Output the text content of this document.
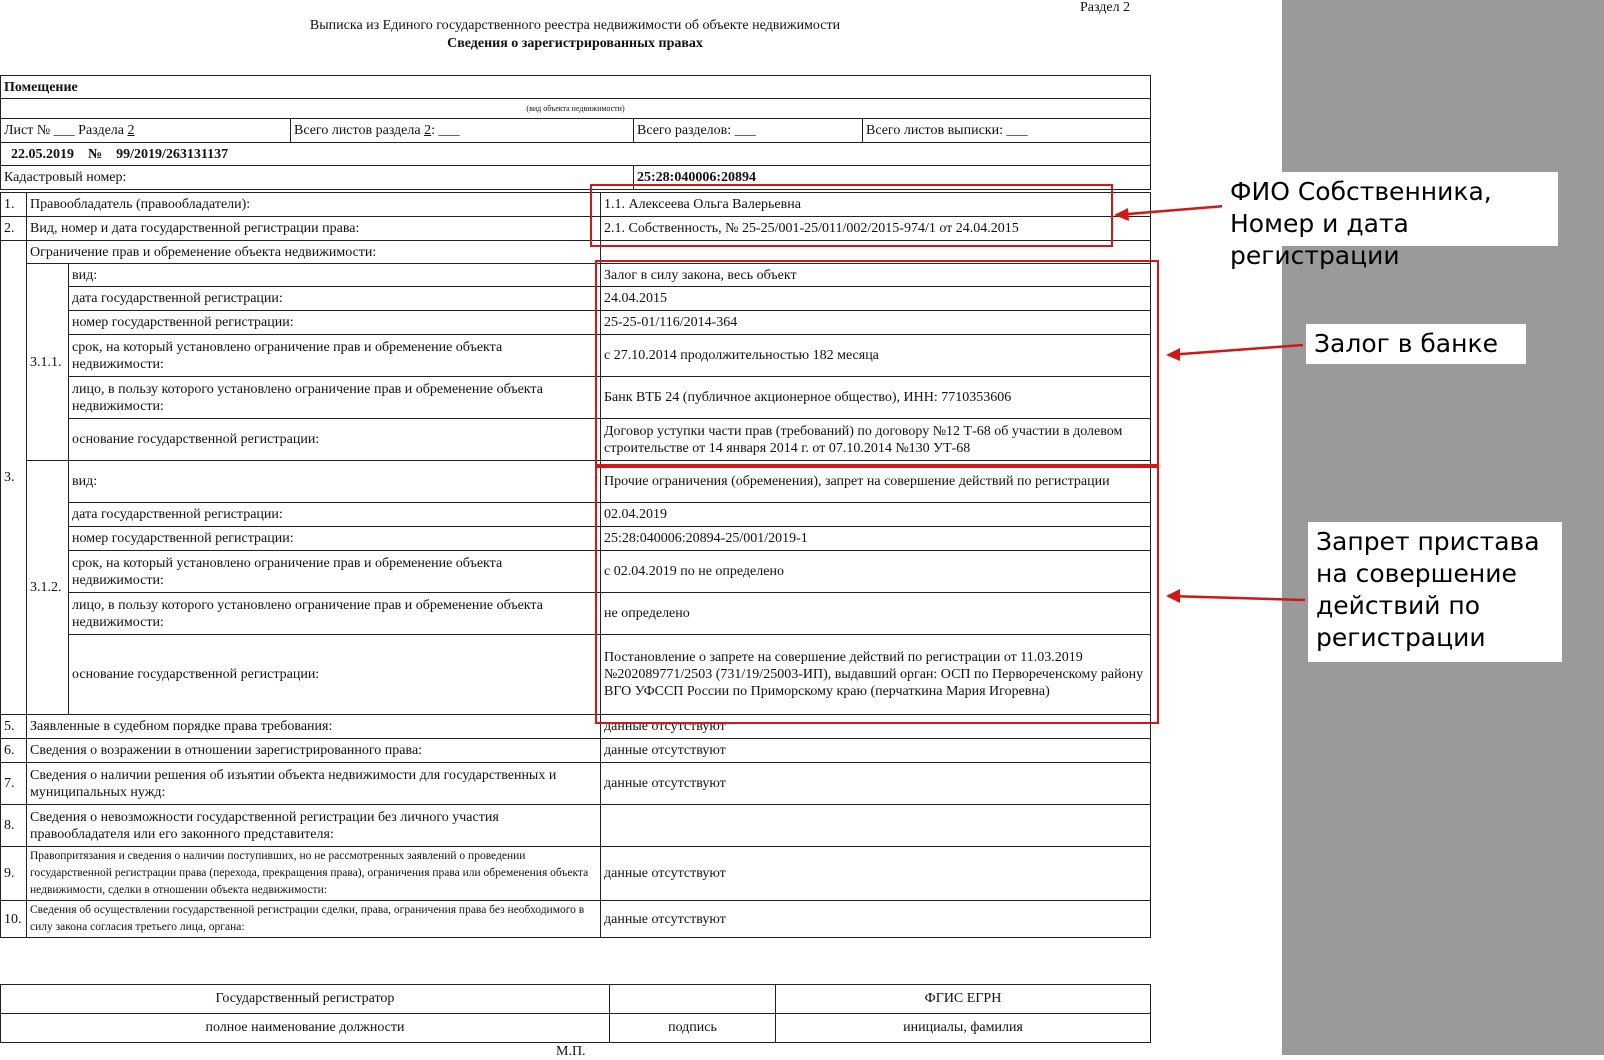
Раздел 2
Выписка из Единого государственного реестра недвижимости об объекте недвижимости
Сведения о зарегистрированных правах
Помещение			
(вид объекта недвижимости)			
Лист № ___ Раздела 2	Всего листов раздела 2: ___	Всего разделов: ___	Всего листов выписки: ___
22.05.2019 № 99/2019/263131137			
Кадастровый номер:		25:28:040006:20894	
1.	Правообладатель (правообладатели):		1.1. Алексеева Ольга Валерьевна
2.	Вид, номер и дата государственной регистрации права:		2.1. Собственность, № 25-25/001-25/011/002/2015-974/1 от 24.04.2015
3.	Ограничение прав и обременение объекта недвижимости:		
	3.1.1.	вид:	Залог в силу закона, весь объект
		дата государственной регистрации:	24.04.2015
		номер государственной регистрации:	25-25-01/116/2014-364
		срок, на который установлено ограничение прав и обременение объекта недвижимости:	с 27.10.2014 продолжительностью 182 месяца
		лицо, в пользу которого установлено ограничение прав и обременение объекта недвижимости:	Банк ВТБ 24 (публичное акционерное общество), ИНН: 7710353606
		основание государственной регистрации:	Договор уступки части прав (требований) по договору №12 Т-68 об участии в долевом строительстве от 14 января 2014 г. от 07.10.2014 №130 УТ-68
	3.1.2.	вид:	Прочие ограничения (обременения), запрет на совершение действий по регистрации
		дата государственной регистрации:	02.04.2019
		номер государственной регистрации:	25:28:040006:20894-25/001/2019-1
		срок, на который установлено ограничение прав и обременение объекта недвижимости:	с 02.04.2019 по не определено
		лицо, в пользу которого установлено ограничение прав и обременение объекта недвижимости:	не определено
		основание государственной регистрации:	Постановление о запрете на совершение действий по регистрации от 11.03.2019 №202089771/2503 (731/19/25003-ИП), выдавший орган: ОСП по Первореченскому району ВГО УФССП России по Приморскому краю (перчаткина Мария Игоревна)
5.	Заявленные в судебном порядке права требования:		данные отсутствуют
6.	Сведения о возражении в отношении зарегистрированного права:		данные отсутствуют
7.	Сведения о наличии решения об изъятии объекта недвижимости для государственных и муниципальных нужд:		данные отсутствуют
8.	Сведения о невозможности государственной регистрации без личного участия правообладателя или его законного представителя:		
9.	Правопритязания и сведения о наличии поступивших, но не рассмотренных заявлений о проведении государственной регистрации права (перехода, прекращения права), ограничения права или обременения объекта недвижимости, сделки в отношении объекта недвижимости:		данные отсутствуют
10.	Сведения об осуществлении государственной регистрации сделки, права, ограничения права без необходимого в силу закона согласия третьего лица, органа:		данные отсутствуют
Государственный регистратор		ФГИС ЕГРН
полное наименование должности	подпись	инициалы, фамилия
М.П.
ФИО Собственника, Номер и дата регистрации
Залог в банке
Запрет пристава на совершение действий по регистрации
